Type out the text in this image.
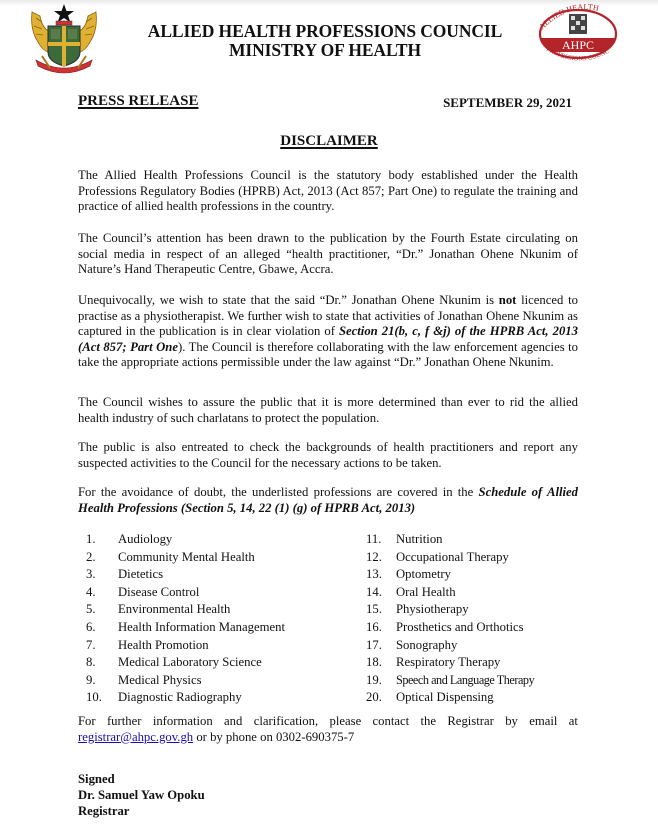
ALLIED HEALTH PROFESSIONS COUNCIL
MINISTRY OF HEALTH	AHPC
ALLIED HEALTH
PROFESSIONS COUNC
PRESS RELEASE	SEPTEMBER 29, 2021
DISCLAIMER
The Allied Health Professions Council is the statutory body established under the Health Professions Regulatory Bodies (HPRB) Act, 2013 (Act 857; Part One) to regulate the training and practice of allied health professions in the country.
The Council’s attention has been drawn to the publication by the Fourth Estate circulating on social media in respect of an alleged “health practitioner, “Dr.” Jonathan Ohene Nkunim of Nature’s Hand Therapeutic Centre, Gbawe, Accra.
Unequivocally, we wish to state that the said “Dr.” Jonathan Ohene Nkunim is not licenced to practise as a physiotherapist. We further wish to state that activities of Jonathan Ohene Nkunim as captured in the publication is in clear violation of Section 21(b, c, f &j) of the HPRB Act, 2013 (Act 857; Part One). The Council is therefore collaborating with the law enforcement agencies to take the appropriate actions permissible under the law against “Dr.” Jonathan Ohene Nkunim.
The Council wishes to assure the public that it is more determined than ever to rid the allied health industry of such charlatans to protect the population.
The public is also entreated to check the backgrounds of health practitioners and report any suspected activities to the Council for the necessary actions to be taken.
For the avoidance of doubt, the underlisted professions are covered in the Schedule of Allied Health Professions (Section 5, 14, 22 (1) (g) of HPRB Act, 2013)
1.	Audiology
2.	Community Mental Health
3.	Dietetics
4.	Disease Control
5.	Environmental Health
6.	Health Information Management
7.	Health Promotion
8.	Medical Laboratory Science
9.	Medical Physics
10.	Diagnostic Radiography
11.	Nutrition
12.	Occupational Therapy
13.	Optometry
14.	Oral Health
15.	Physiotherapy
16.	Prosthetics and Orthotics
17.	Sonography
18.	Respiratory Therapy
19.	Speech and Language Therapy
20.	Optical Dispensing
For further information and clarification, please contact the Registrar by email at
registrar@ahpc.gov.gh or by phone on 0302-690375-7
Signed
Dr. Samuel Yaw Opoku
Registrar
